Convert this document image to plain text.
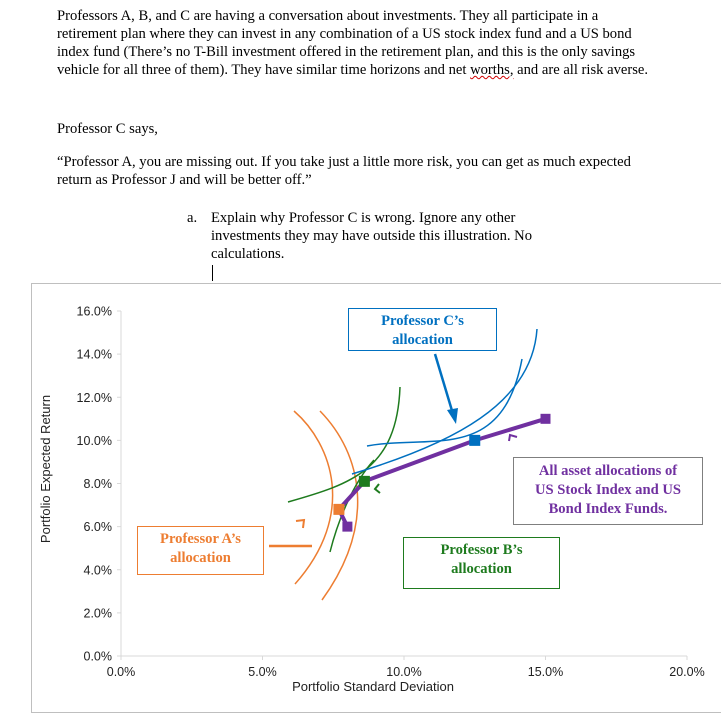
Professors A, B, and C are having a conversation about investments. They all participate in a retirement plan where they can invest in any combination of a US stock index fund and a US bond index fund (There’s no T-Bill investment offered in the retirement plan, and this is the only savings vehicle for all three of them). They have similar time horizons and net worths, and are all risk averse.

Professor C says,

“Professor A, you are missing out. If you take just a little more risk, you can get as much expected return as Professor J and will be better off.”

a. Explain why Professor C is wrong. Ignore any other investments they may have outside this illustration. No calculations.
0.0%
2.0%
4.0%
6.0%
8.0%
10.0%
12.0%
14.0%
16.0%
0.0%	5.0%	10.0%	15.0%	20.0%
Portfolio Expected Return
Portfolio Standard Deviation
Professor C’s
allocation
Professor A’s
allocation	Professor B’s
allocation
All asset allocations of
US Stock Index and US
Bond Index Funds.
